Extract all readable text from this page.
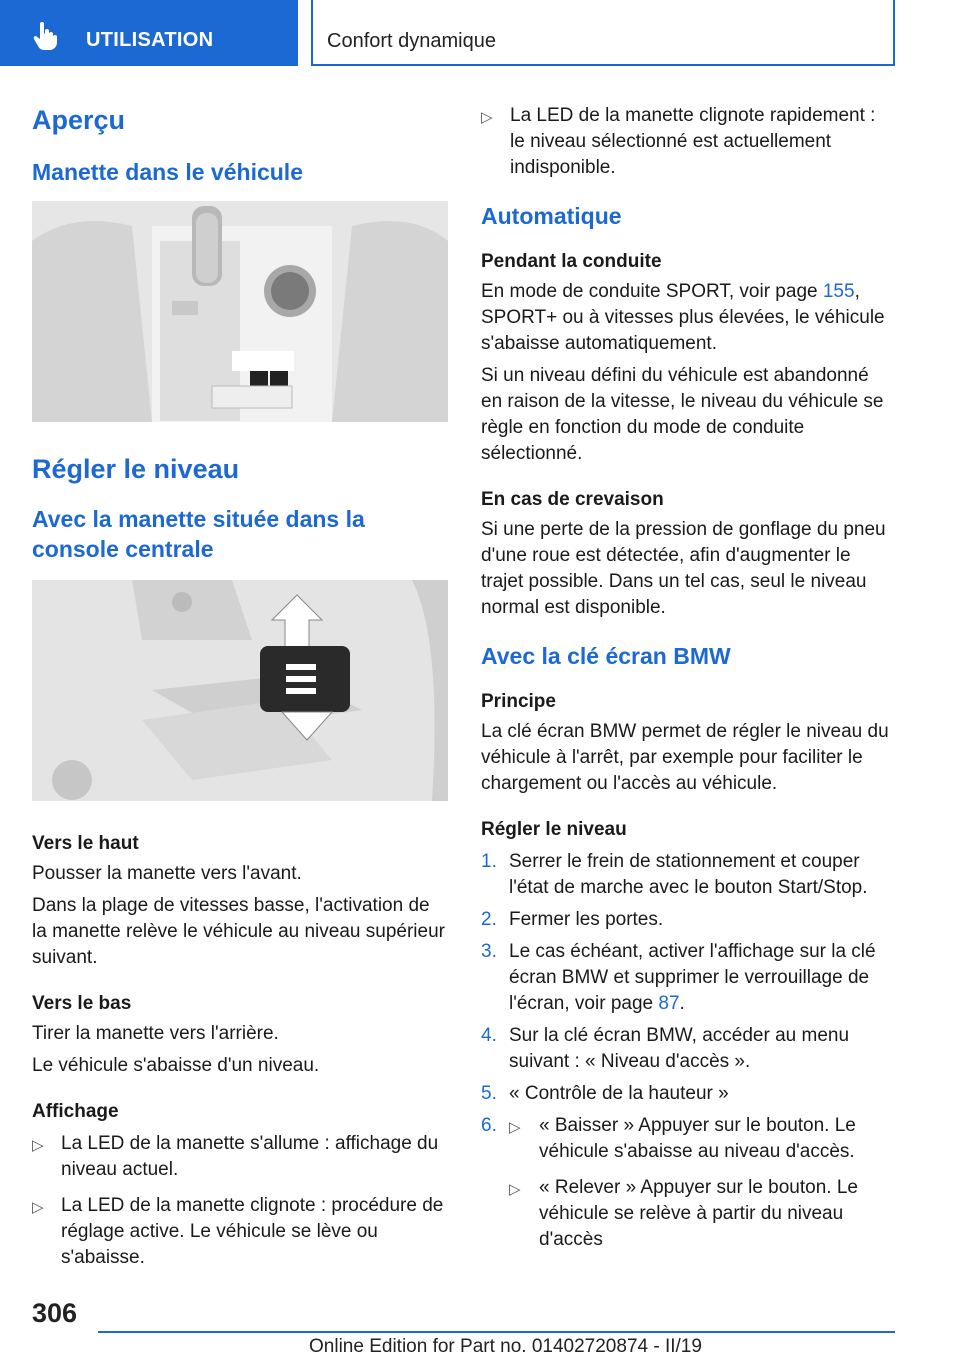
UTILISATION	Confort dynamique
Aperçu
Manette dans le véhicule
Régler le niveau
Avec la manette située dans la console centrale
Vers le haut

Pousser la manette vers l'avant.

Dans la plage de vitesses basse, l'activation de la manette relève le véhicule au niveau supérieur suivant.

Vers le bas

Tirer la manette vers l'arrière.

Le véhicule s'abaisse d'un niveau.

Affichage
▷ La LED de la manette s'allume : affichage du niveau actuel.
▷ La LED de la manette clignote : procédure de réglage active. Le véhicule se lève ou s'abaisse.
▷ La LED de la manette clignote rapidement : le niveau sélectionné est actuellement indisponible.
Automatique
Pendant la conduite

En mode de conduite SPORT, voir page 155, SPORT+ ou à vitesses plus élevées, le véhicule s'abaisse automatiquement.

Si un niveau défini du véhicule est abandonné en raison de la vitesse, le niveau du véhicule se règle en fonction du mode de conduite sélectionné.

En cas de crevaison

Si une perte de la pression de gonflage du pneu d'une roue est détectée, afin d'augmenter le trajet possible. Dans un tel cas, seul le niveau normal est disponible.

Avec la clé écran BMW
Principe

La clé écran BMW permet de régler le niveau du véhicule à l'arrêt, par exemple pour faciliter le chargement ou l'accès au véhicule.

Régler le niveau
1. Serrer le frein de stationnement et couper l'état de marche avec le bouton Start/Stop.
2. Fermer les portes.
3. Le cas échéant, activer l'affichage sur la clé écran BMW et supprimer le verrouillage de l'écran, voir page 87.
4. Sur la clé écran BMW, accéder au menu suivant : « Niveau d'accès ».
5. « Contrôle de la hauteur »
6. ▷ « Baisser » Appuyer sur le bouton. Le véhicule s'abaisse au niveau d'accès.
▷ « Relever » Appuyer sur le bouton. Le véhicule se relève à partir du niveau d'accès
306
Online Edition for Part no. 01402720874 - II/19
